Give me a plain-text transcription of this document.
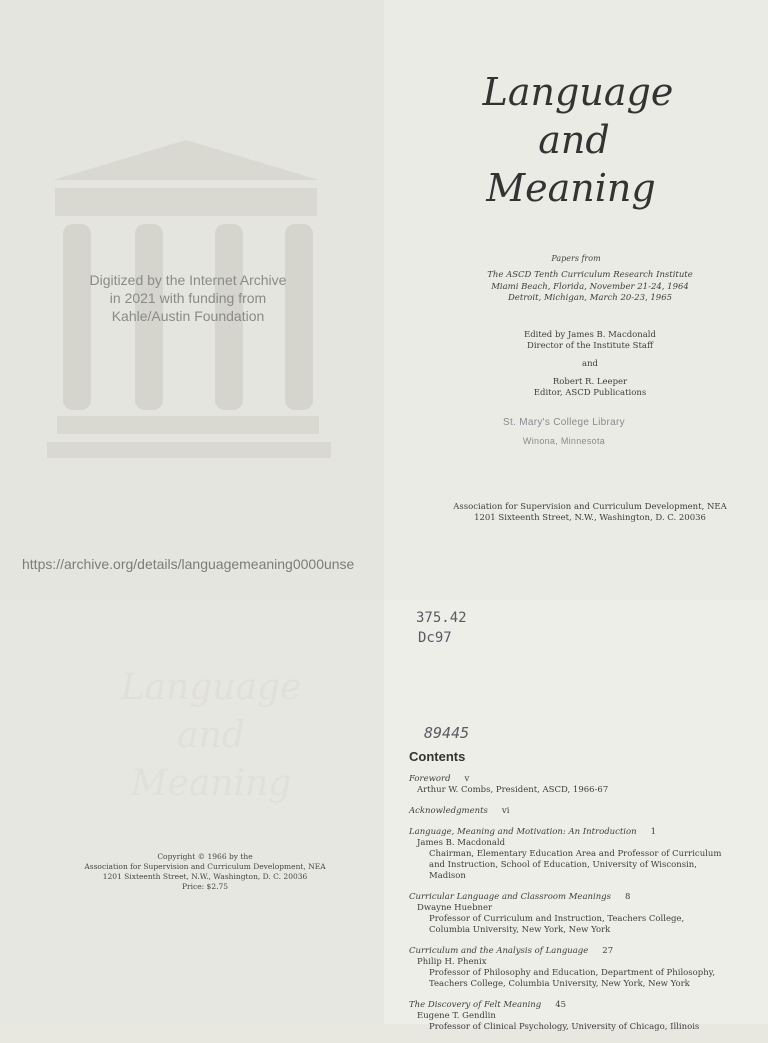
Digitized by the Internet Archive
in 2021 with funding from
Kahle/Austin Foundation
https://archive.org/details/languagemeaning0000unse
Language
and
Meaning
Papers from
The ASCD Tenth Curriculum Research Institute
Miami Beach, Florida, November 21-24, 1964
Detroit, Michigan, March 20-23, 1965
Edited by James B. Macdonald
Director of the Institute Staff
and
Robert R. Leeper
Editor, ASCD Publications
St. Mary's College Library
Winona, Minnesota
Association for Supervision and Curriculum Development, NEA
1201 Sixteenth Street, N.W., Washington, D. C. 20036
Language
and
Meaning
Copyright © 1966 by the
Association for Supervision and Curriculum Development, NEA
1201 Sixteenth Street, N.W., Washington, D. C. 20036
Price: $2.75
375.42
Dc97
89445
Contents
Foreword v
Arthur W. Combs, President, ASCD, 1966-67
Acknowledgments vi
Language, Meaning and Motivation: An Introduction 1
James B. Macdonald
Chairman, Elementary Education Area and Professor of Curriculum
and Instruction, School of Education, University of Wisconsin,
Madison
Curricular Language and Classroom Meanings 8
Dwayne Huebner
Professor of Curriculum and Instruction, Teachers College,
Columbia University, New York, New York
Curriculum and the Analysis of Language 27
Philip H. Phenix
Professor of Philosophy and Education, Department of Philosophy,
Teachers College, Columbia University, New York, New York
The Discovery of Felt Meaning 45
Eugene T. Gendlin
Professor of Clinical Psychology, University of Chicago, Illinois
